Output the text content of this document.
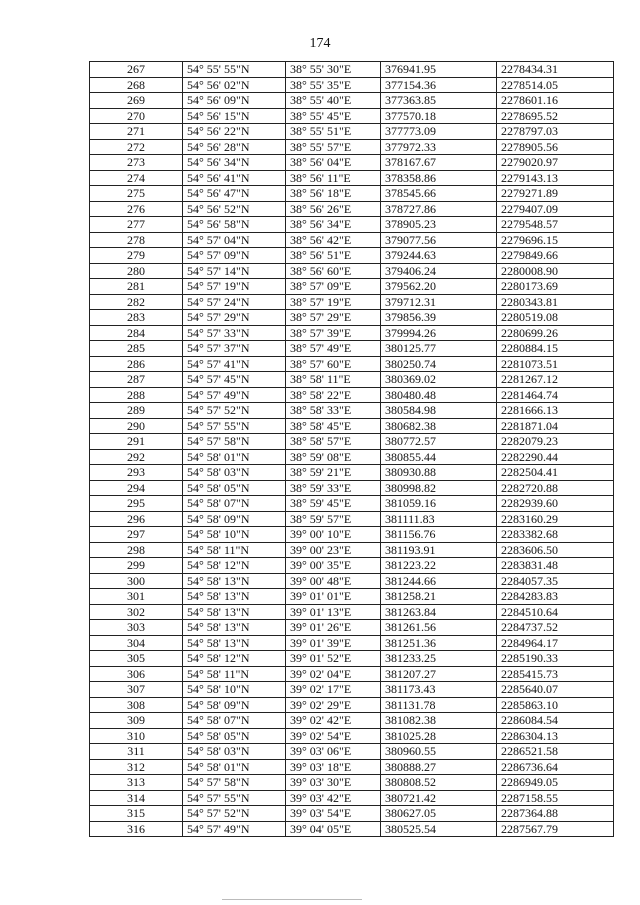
174
267	54° 55' 55"N	38° 55' 30"E	376941.95	2278434.31
268	54° 56' 02"N	38° 55' 35"E	377154.36	2278514.05
269	54° 56' 09"N	38° 55' 40"E	377363.85	2278601.16
270	54° 56' 15"N	38° 55' 45"E	377570.18	2278695.52
271	54° 56' 22"N	38° 55' 51"E	377773.09	2278797.03
272	54° 56' 28"N	38° 55' 57"E	377972.33	2278905.56
273	54° 56' 34"N	38° 56' 04"E	378167.67	2279020.97
274	54° 56' 41"N	38° 56' 11"E	378358.86	2279143.13
275	54° 56' 47"N	38° 56' 18"E	378545.66	2279271.89
276	54° 56' 52"N	38° 56' 26"E	378727.86	2279407.09
277	54° 56' 58"N	38° 56' 34"E	378905.23	2279548.57
278	54° 57' 04"N	38° 56' 42"E	379077.56	2279696.15
279	54° 57' 09"N	38° 56' 51"E	379244.63	2279849.66
280	54° 57' 14"N	38° 56' 60"E	379406.24	2280008.90
281	54° 57' 19"N	38° 57' 09"E	379562.20	2280173.69
282	54° 57' 24"N	38° 57' 19"E	379712.31	2280343.81
283	54° 57' 29"N	38° 57' 29"E	379856.39	2280519.08
284	54° 57' 33"N	38° 57' 39"E	379994.26	2280699.26
285	54° 57' 37"N	38° 57' 49"E	380125.77	2280884.15
286	54° 57' 41"N	38° 57' 60"E	380250.74	2281073.51
287	54° 57' 45"N	38° 58' 11"E	380369.02	2281267.12
288	54° 57' 49"N	38° 58' 22"E	380480.48	2281464.74
289	54° 57' 52"N	38° 58' 33"E	380584.98	2281666.13
290	54° 57' 55"N	38° 58' 45"E	380682.38	2281871.04
291	54° 57' 58"N	38° 58' 57"E	380772.57	2282079.23
292	54° 58' 01"N	38° 59' 08"E	380855.44	2282290.44
293	54° 58' 03"N	38° 59' 21"E	380930.88	2282504.41
294	54° 58' 05"N	38° 59' 33"E	380998.82	2282720.88
295	54° 58' 07"N	38° 59' 45"E	381059.16	2282939.60
296	54° 58' 09"N	38° 59' 57"E	381111.83	2283160.29
297	54° 58' 10"N	39° 00' 10"E	381156.76	2283382.68
298	54° 58' 11"N	39° 00' 23"E	381193.91	2283606.50
299	54° 58' 12"N	39° 00' 35"E	381223.22	2283831.48
300	54° 58' 13"N	39° 00' 48"E	381244.66	2284057.35
301	54° 58' 13"N	39° 01' 01"E	381258.21	2284283.83
302	54° 58' 13"N	39° 01' 13"E	381263.84	2284510.64
303	54° 58' 13"N	39° 01' 26"E	381261.56	2284737.52
304	54° 58' 13"N	39° 01' 39"E	381251.36	2284964.17
305	54° 58' 12"N	39° 01' 52"E	381233.25	2285190.33
306	54° 58' 11"N	39° 02' 04"E	381207.27	2285415.73
307	54° 58' 10"N	39° 02' 17"E	381173.43	2285640.07
308	54° 58' 09"N	39° 02' 29"E	381131.78	2285863.10
309	54° 58' 07"N	39° 02' 42"E	381082.38	2286084.54
310	54° 58' 05"N	39° 02' 54"E	381025.28	2286304.13
311	54° 58' 03"N	39° 03' 06"E	380960.55	2286521.58
312	54° 58' 01"N	39° 03' 18"E	380888.27	2286736.64
313	54° 57' 58"N	39° 03' 30"E	380808.52	2286949.05
314	54° 57' 55"N	39° 03' 42"E	380721.42	2287158.55
315	54° 57' 52"N	39° 03' 54"E	380627.05	2287364.88
316	54° 57' 49"N	39° 04' 05"E	380525.54	2287567.79
